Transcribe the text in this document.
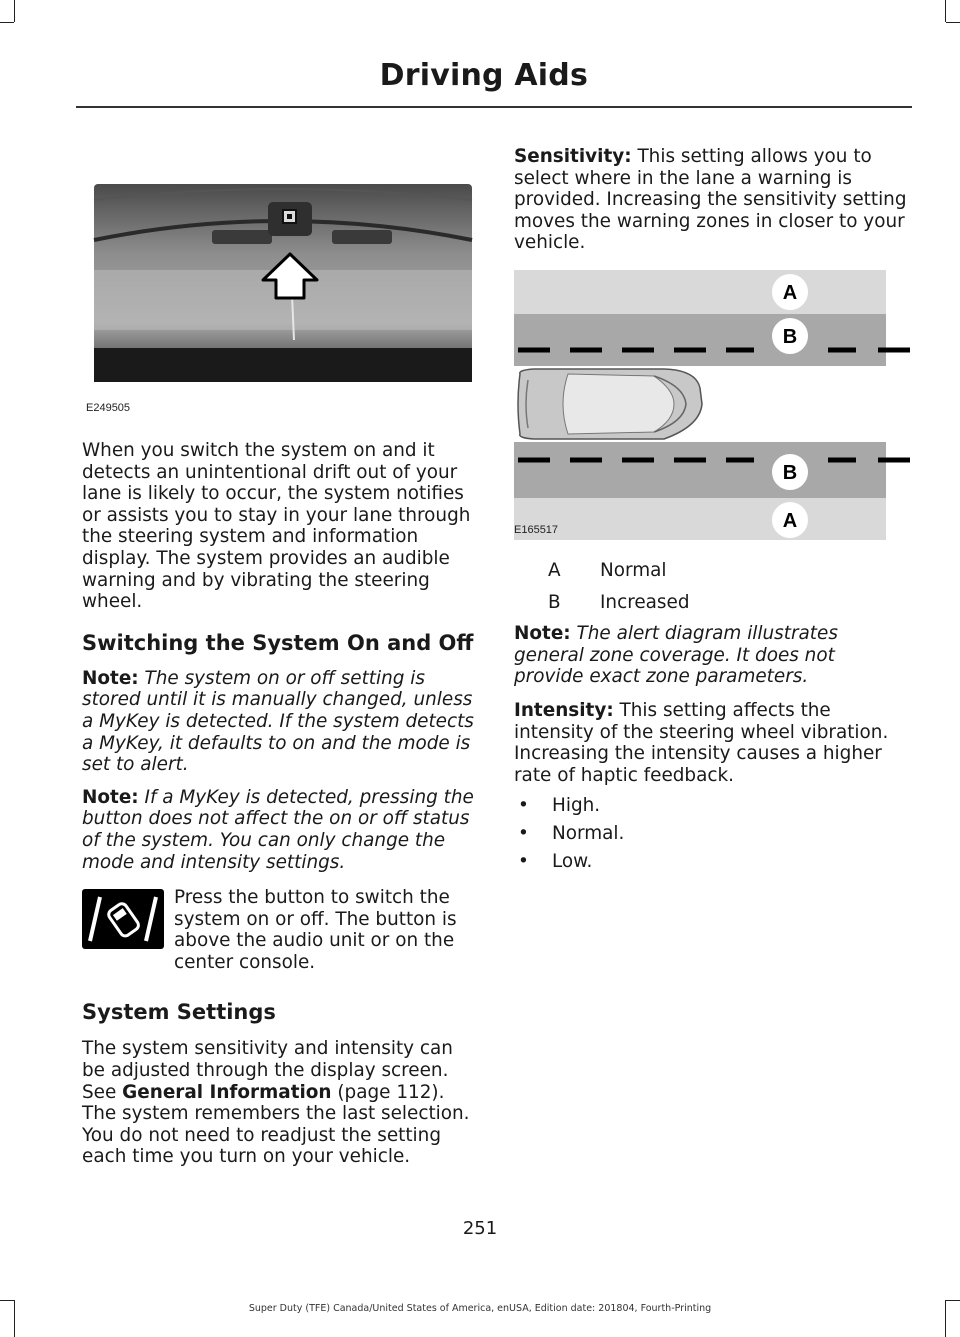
Driving Aids
E249505

When you switch the system on and it detects an unintentional drift out of your lane is likely to occur, the system notifies or assists you to stay in your lane through the steering system and information display. The system provides an audible warning and by vibrating the steering wheel.

Switching the System On and Off

Note: The system on or off setting is stored until it is manually changed, unless a MyKey is detected. If the system detects a MyKey, it defaults to on and the mode is set to alert.

Note: If a MyKey is detected, pressing the button does not affect the on or off status of the system. You can only change the mode and intensity settings.

Press the button to switch the system on or off. The button is above the audio unit or on the center console.

System Settings

The system sensitivity and intensity can be adjusted through the display screen. See General Information (page 112). The system remembers the last selection. You do not need to readjust the setting each time you turn on your vehicle.

Sensitivity: This setting allows you to select where in the lane a warning is provided. Increasing the sensitivity setting moves the warning zones in closer to your vehicle.

A
B
B
A
E165517
A	Normal
B	Increased

Note: The alert diagram illustrates general zone coverage. It does not provide exact zone parameters.

Intensity: This setting affects the intensity of the steering wheel vibration. Increasing the intensity causes a higher rate of haptic feedback.

•	High.
•	Normal.
•	Low.
251
Super Duty (TFE) Canada/United States of America, enUSA, Edition date: 201804, Fourth-Printing
